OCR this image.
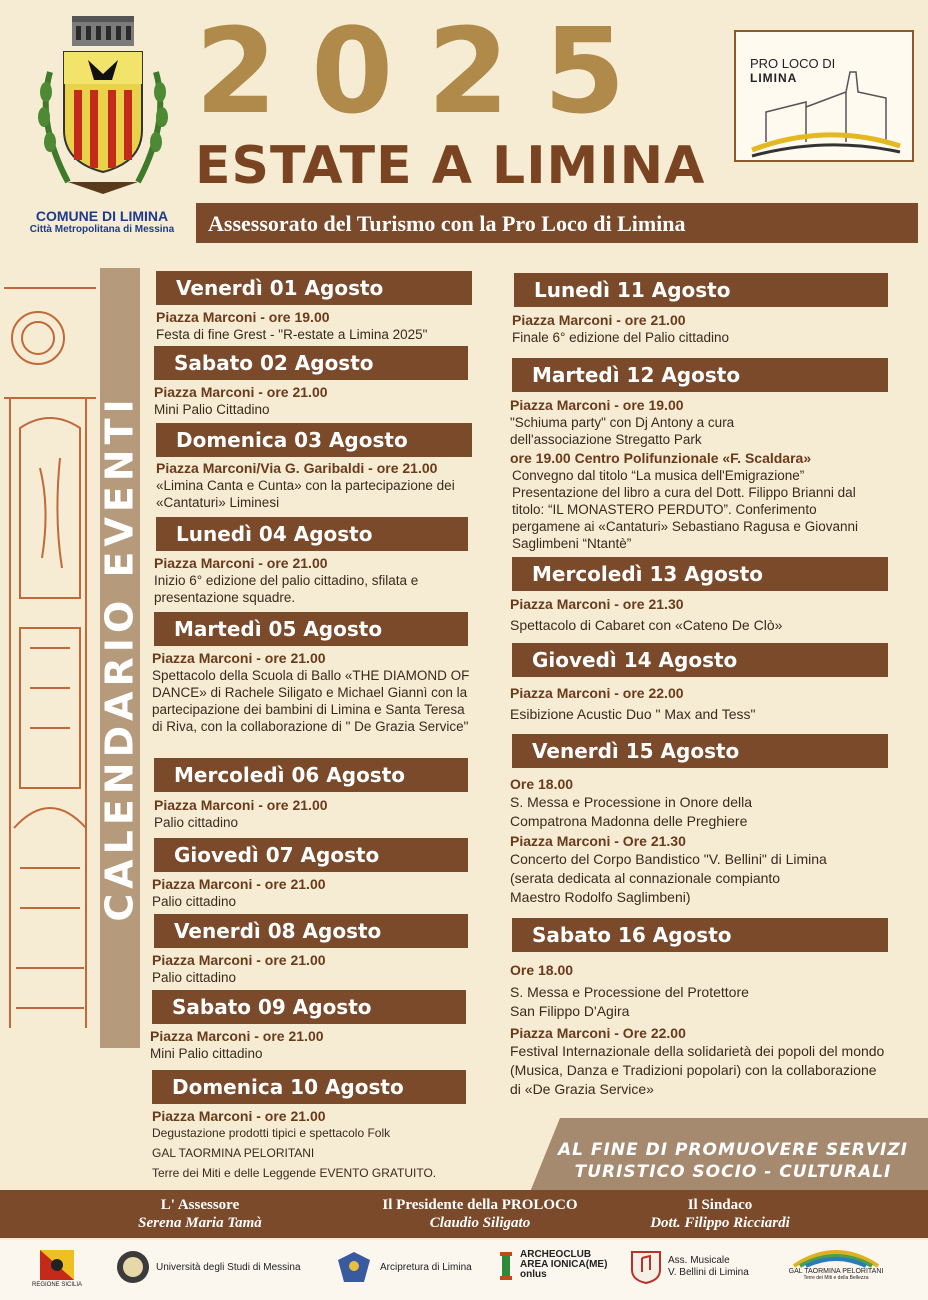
COMUNE DI LIMINA
Città Metropolitana di Messina
2025
ESTATE A LIMINA
PRO LOCO DI
LIMINA
Assessorato del Turismo con la Pro Loco di Limina
CALENDARIO EVENTI
Venerdì 01 Agosto
Piazza Marconi - ore 19.00
Festa di fine Grest - "R-estate a Limina 2025"
Sabato 02 Agosto
Piazza Marconi - ore 21.00
Mini Palio Cittadino
Domenica 03 Agosto
Piazza Marconi/Via G. Garibaldi - ore 21.00
«Limina Canta e Cunta» con la partecipazione dei «Cantaturi» Liminesi
Lunedì 04 Agosto
Piazza Marconi - ore 21.00
Inizio 6° edizione del palio cittadino, sfilata e presentazione squadre.
Martedì 05 Agosto
Piazza Marconi - ore 21.00
Spettacolo della Scuola di Ballo «THE DIAMOND OF DANCE» di Rachele Siligato e Michael Giannì con la partecipazione dei bambini di Limina e Santa Teresa di Riva, con la collaborazione di " De Grazia Service"
Mercoledì 06 Agosto
Piazza Marconi - ore 21.00
Palio cittadino
Giovedì 07 Agosto
Piazza Marconi - ore 21.00
Palio cittadino
Venerdì 08 Agosto
Piazza Marconi - ore 21.00
Palio cittadino
Sabato 09 Agosto
Piazza Marconi - ore 21.00
Mini Palio cittadino
Domenica 10 Agosto
Piazza Marconi - ore 21.00
Degustazione prodotti tipici e spettacolo Folk
GAL TAORMINA PELORITANI
Terre dei Miti e delle Leggende EVENTO GRATUITO.
Lunedì 11 Agosto
Piazza Marconi - ore 21.00
Finale 6° edizione del Palio cittadino
Martedì 12 Agosto
Piazza Marconi - ore 19.00
"Schiuma party" con Dj Antony a cura dell'associazione Stregatto Park
ore 19.00 Centro Polifunzionale «F. Scaldara»
Convegno dal titolo “La musica dell'Emigrazione” Presentazione del libro a cura del Dott. Filippo Brianni dal titolo: “IL MONASTERO PERDUTO”. Conferimento pergamene ai «Cantaturi» Sebastiano Ragusa e Giovanni Saglimbeni “Ntantè”
Mercoledì 13 Agosto
Piazza Marconi - ore 21.30
Spettacolo di Cabaret con «Cateno De Clò»
Giovedì 14 Agosto
Piazza Marconi - ore 22.00
Esibizione Acustic Duo " Max and Tess"
Venerdì 15 Agosto
Ore 18.00
S. Messa e Processione in Onore della Compatrona Madonna delle Preghiere
Piazza Marconi - Ore 21.30
Concerto del Corpo Bandistico "V. Bellini" di Limina (serata dedicata al connazionale compianto Maestro Rodolfo Saglimbeni)
Sabato 16 Agosto
Ore 18.00
S. Messa e Processione del Protettore San Filippo D'Agira
Piazza Marconi - Ore 22.00
Festival Internazionale della solidarietà dei popoli del mondo (Musica, Danza e Tradizioni popolari) con la collaborazione di «De Grazia Service»
AL FINE DI PROMUOVERE SERVIZI
TURISTICO SOCIO - CULTURALI
L' Assessore
Serena Maria Tamà
Il Presidente della PROLOCO
Claudio Siligato
Il Sindaco
Dott. Filippo Ricciardi
REGIONE SICILIA
Università degli Studi di Messina	Arcipretura di Limina
ARCHEOCLUB AREA IONICA(ME) onlus
Ass. Musicale
V. Bellini di Limina	GAL TAORMINA PELORITANI
Terre dei Miti e della Bellezza
